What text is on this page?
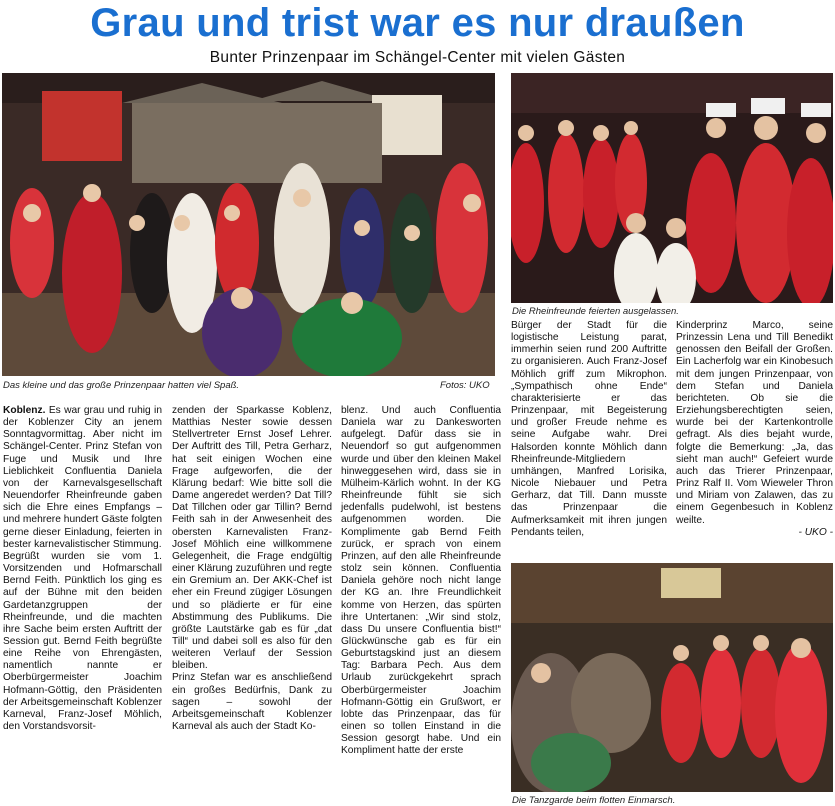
Grau und trist war es nur draußen
Bunter Prinzenpaar im Schängel-Center mit vielen Gästen
Das kleine und das große Prinzenpaar hatten viel Spaß.	Fotos: UKO
Die Rheinfreunde feierten ausgelassen.
Die Tanzgarde beim flotten Einmarsch.

Koblenz. Es war grau und ruhig in der Koblenzer City an jenem Sonntagvormittag. Aber nicht im Schängel-Center. Prinz Stefan von Fuge und Musik und Ihre Lieblichkeit Confluentia Daniela von der Karnevalsgesellschaft Neuendorfer Rheinfreunde gaben sich die Ehre eines Empfangs – und mehrere hundert Gäste folgten gerne dieser Einladung, feierten in bester karnevalistischer Stimmung.

Begrüßt wurden sie vom 1. Vorsitzenden und Hofmarschall Bernd Feith. Pünktlich los ging es auf der Bühne mit den beiden Gardetanzgruppen der Rheinfreunde, und die machten ihre Sache beim ersten Auftritt der Session gut. Bernd Feith begrüßte eine Reihe von Ehrengästen, namentlich nannte er Oberbürgermeister Joachim Hofmann-Göttig, den Präsidenten der Arbeitsgemeinschaft Koblenzer Karneval, Franz-Josef Möhlich, den Vorstandsvorsit-

zenden der Sparkasse Koblenz, Matthias Nester sowie dessen Stellvertreter Ernst Josef Lehrer. Der Auftritt des Till, Petra Gerharz, hat seit einigen Wochen eine Frage aufgeworfen, die der Klärung bedarf: Wie bitte soll die Dame angeredet werden? Dat Till? Dat Tillchen oder gar Tillin? Bernd Feith sah in der Anwesenheit des obersten Karnevalisten Franz-Josef Möhlich eine willkommene Gelegenheit, die Frage endgültig einer Klärung zuzuführen und regte ein Gremium an. Der AKK-Chef ist eher ein Freund zügiger Lösungen und so plädierte er für eine Abstimmung des Publikums. Die größte Lautstärke gab es für „dat Till“ und dabei soll es also für den weiteren Verlauf der Session bleiben.

Prinz Stefan war es anschließend ein großes Bedürfnis, Dank zu sagen – sowohl der Arbeitsgemeinschaft Koblenzer Karneval als auch der Stadt Ko-

blenz. Und auch Confluentia Daniela war zu Dankesworten aufgelegt. Dafür dass sie in Neuendorf so gut aufgenommen wurde und über den kleinen Makel hinweggesehen wird, dass sie in Mülheim-Kärlich wohnt. In der KG Rheinfreunde fühlt sie sich jedenfalls pudelwohl, ist bestens aufgenommen worden. Die Komplimente gab Bernd Feith zurück, er sprach von einem Prinzen, auf den alle Rheinfreunde stolz sein können. Confluentia Daniela gehöre noch nicht lange der KG an. Ihre Freundlichkeit komme von Herzen, das spürten ihre Untertanen: „Wir sind stolz, dass Du unsere Confluentia bist!“ Glückwünsche gab es für ein Geburtstagskind just an diesem Tag: Barbara Pech. Aus dem Urlaub zurückgekehrt sprach Oberbürgermeister Joachim Hofmann-Göttig ein Grußwort, er lobte das Prinzenpaar, das für einen so tollen Einstand in die Session gesorgt habe. Und ein Kompliment hatte der erste

Bürger der Stadt für die logistische Leistung parat, immerhin seien rund 200 Auftritte zu organisieren. Auch Franz-Josef Möhlich griff zum Mikrophon. „Sympathisch ohne Ende“ charakterisierte er das Prinzenpaar, mit Begeisterung und großer Freude nehme es seine Aufgabe wahr. Drei Halsorden konnte Möhlich dann Rheinfreunde-Mitgliedern umhängen, Manfred Lorisika, Nicole Niebauer und Petra Gerharz, dat Till. Dann musste das Prinzenpaar die Aufmerksamkeit mit ihren jungen Pendants teilen,

Kinderprinz Marco, seine Prinzessin Lena und Till Benedikt genossen den Beifall der Großen. Ein Lacherfolg war ein Kinobesuch mit dem jungen Prinzenpaar, von dem Stefan und Daniela berichteten. Ob sie die Erziehungsberechtigten seien, wurde bei der Kartenkontrolle gefragt. Als dies bejaht wurde, folgte die Bemerkung: „Ja, das sieht man auch!“ Gefeiert wurde auch das Trierer Prinzenpaar, Prinz Ralf II. Vom Wieweler Thron und Miriam von Zalawen, das zu einem Gegenbesuch in Koblenz weilte.

- UKO -
